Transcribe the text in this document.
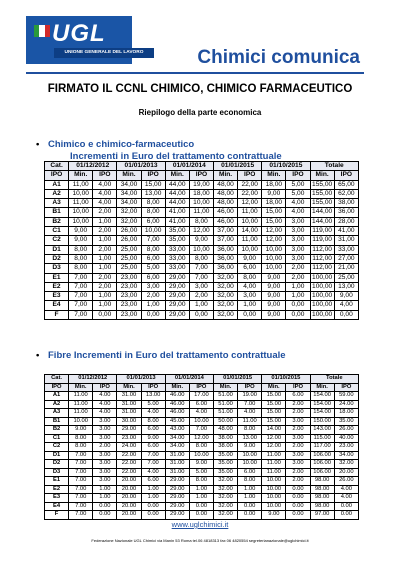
UGL
UNIONE GENERALE DEL LAVORO	Chimici comunica
FIRMATO IL CCNL CHIMICO, CHIMICO FARMACEUTICO
Riepilogo della parte economica
• Chimico e chimico-farmaceutico
Incrementi in Euro del trattamento contrattuale
Cat.	01/12/2012		01/01/2013		01/01/2014		01/01/2015		01/10/2015		Totale	
IPO	Min.	IPO	Min.	IPO	Min.	IPO	Min.	IPO	Min.	IPO	Min.	IPO
A1	11,00	4,00	34,00	15,00	44,00	19,00	48,00	22,00	18,00	5,00	155,00	65,00
A2	10,00	4,00	34,00	13,00	44,00	18,00	48,00	22,00	9,00	5,00	155,00	62,00
A3	11,00	4,00	34,00	8,00	44,00	10,00	48,00	12,00	18,00	4,00	155,00	38,00
B1	10,00	2,00	32,00	8,00	41,00	11,00	46,00	11,00	15,00	4,00	144,00	36,00
B2	10,00	1,00	32,00	6,00	41,00	8,00	46,00	10,00	15,00	3,00	144,00	28,00
C1	9,00	2,00	26,00	10,00	35,00	12,00	37,00	14,00	12,00	3,00	119,00	41,00
C2	9,00	1,00	26,00	7,00	35,00	9,00	37,00	11,00	12,00	3,00	119,00	31,00
D1	8,00	2,00	25,00	8,00	33,00	10,00	36,00	10,00	10,00	3,00	112,00	33,00
D2	8,00	1,00	25,00	6,00	33,00	8,00	36,00	9,00	10,00	3,00	112,00	27,00
D3	8,00	1,00	25,00	5,00	33,00	7,00	36,00	6,00	10,00	2,00	112,00	21,00
E1	7,00	2,00	23,00	6,00	29,00	7,00	32,00	8,00	9,00	2,00	100,00	25,00
E2	7,00	2,00	23,00	3,00	29,00	3,00	32,00	4,00	9,00	1,00	100,00	13,00
E3	7,00	1,00	23,00	2,00	29,00	2,00	32,00	3,00	9,00	1,00	100,00	9,00
E4	7,00	1,00	23,00	1,00	29,00	1,00	32,00	1,00	9,00	0,00	100,00	4,00
F	7,00	0,00	23,00	0,00	29,00	0,00	32,00	0,00	9,00	0,00	100,00	0,00
• Fibre Incrementi in Euro del trattamento contrattuale
Cat.	01/12/2012		01/01/2013		01/01/2014		01/01/2015		01/10/2015		Totale	
IPO	Min.	IPO	Min.	IPO	Min.	IPO	Min.	IPO	Min.	IPO	Min.	IPO
A1	11.00	4.00	31.00	13.00	46.00	17.00	51.00	19.00	15.00	6.00	154.00	59.00
A2	11.00	4.00	31.00	5.00	46.00	6.00	51.00	7.00	15.00	2.00	154.00	24.00
A3	11.00	4.00	31.00	4.00	46.00	4.00	51.00	4.00	15.00	2.00	154.00	18.00
B1	10.00	3.00	30.00	8.00	45.00	10.00	50.00	11.00	15.00	3.00	150.00	35.00
B2	9.00	3.00	29.00	6.00	43.00	7.00	48.00	8.00	14.00	2.00	143.00	26.00
C1	8.00	3.00	23.00	9.00	34.00	12.00	38.00	13.00	12.00	3.00	115.00	40.00
C2	8.00	2.00	24.00	6.00	34.00	8.00	38.00	9.00	12.00	2.00	117.00	23.00
D1	7.00	3.00	22.00	7.00	31.00	10.00	35.00	10.00	11.00	3.00	106.00	34.00
D2	7.00	3.00	22.00	7.00	31.00	9.00	35.00	10.00	11.00	3.00	106.00	32.00
D3	7.00	3.00	22.00	4.00	31.00	5.00	35.00	6.00	11.00	2.00	106.00	20.00
E1	7.00	3.00	20.00	6.00	29.00	8.00	32.00	8.00	10.00	2.00	98.00	26.00
E2	7.00	1.00	20.00	1.00	29.00	1.00	32.00	1.00	10.00	0.00	98.00	4.00
E3	7.00	1.00	20.00	1.00	29.00	1.00	32.00	1.00	10.00	0.00	98.00	4.00
E4	7.00	0.00	20.00	0.00	29.00	0.00	32.00	0.00	10.00	0.00	98.00	0.00
F	7.00	0.00	20.00	0.00	29.00	0.00	32.00	0.00	9.00	0.00	97.00	0.00
www.uglchimici.it
Federazione Nazionale UGL Chimici via Manin 53 Roma tel.06 4818313 fax 06 4820554 segreterianazionale@uglchimici.it
